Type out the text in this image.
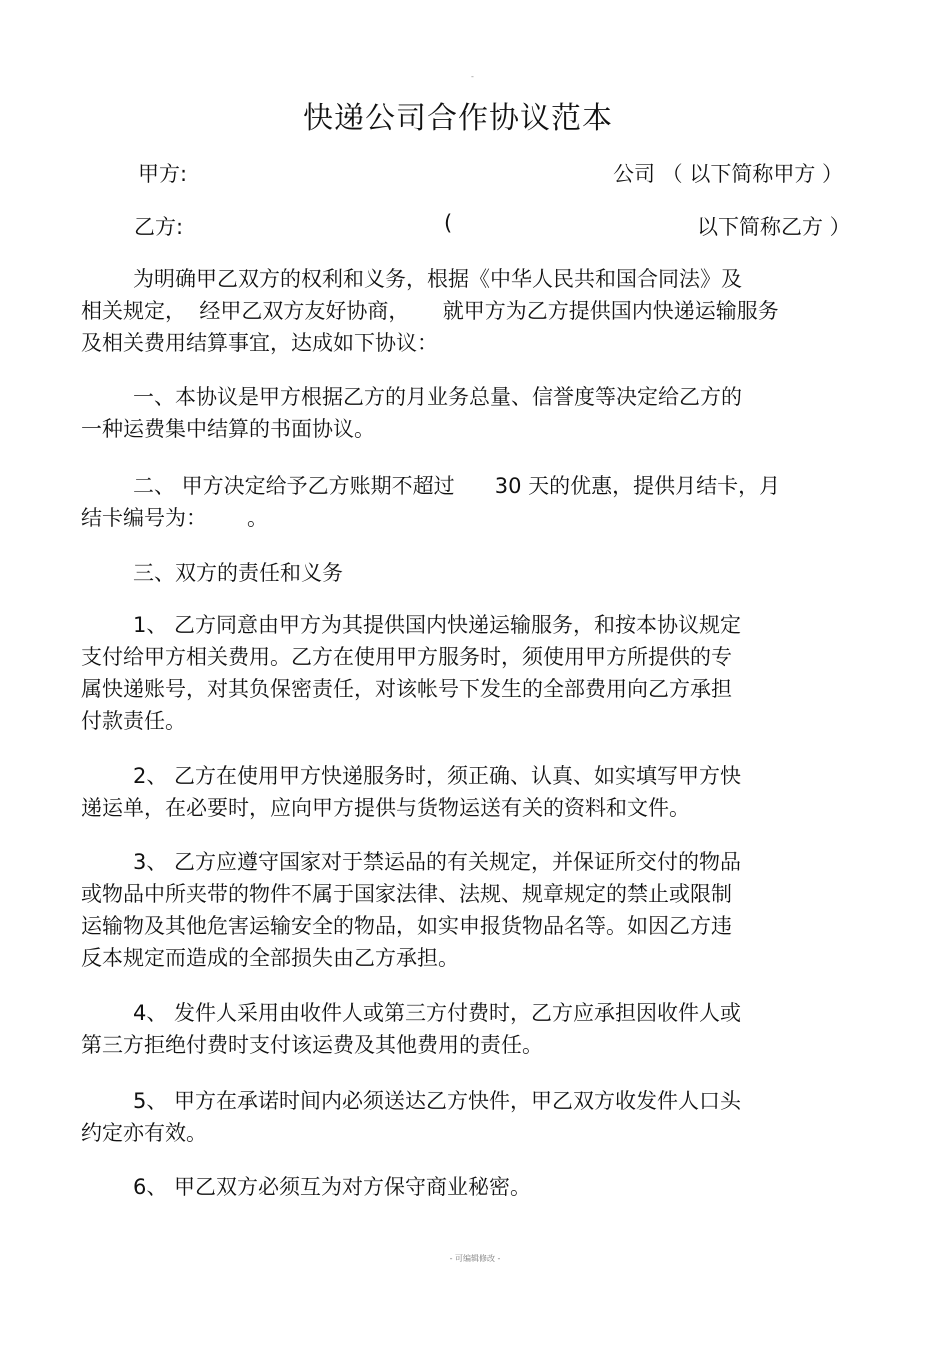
-
快递公司合作协议范本
甲方:	公司 （ 以下简称甲方 ）
乙方:	(	以下简称乙方 ）
为明确甲乙双方的权利和义务，根据《中华人民共和国合同法》及
相关规定，  经甲乙双方友好协商，     就甲方为乙方提供国内快递运输服务
及相关费用结算事宜，达成如下协议：
一、本协议是甲方根据乙方的月业务总量、信誉度等决定给乙方的
一种运费集中结算的书面协议。
二、 甲方决定给予乙方账期不超过      30 天的优惠，提供月结卡，月
结卡编号为：      。
三、双方的责任和义务
1、 乙方同意由甲方为其提供国内快递运输服务，和按本协议规定
支付给甲方相关费用。乙方在使用甲方服务时，须使用甲方所提供的专
属快递账号，对其负保密责任，对该帐号下发生的全部费用向乙方承担
付款责任。
2、 乙方在使用甲方快递服务时，须正确、认真、如实填写甲方快
递运单，在必要时，应向甲方提供与货物运送有关的资料和文件。
3、 乙方应遵守国家对于禁运品的有关规定，并保证所交付的物品
或物品中所夹带的物件不属于国家法律、法规、规章规定的禁止或限制
运输物及其他危害运输安全的物品，如实申报货物品名等。如因乙方违
反本规定而造成的全部损失由乙方承担。
4、 发件人采用由收件人或第三方付费时，乙方应承担因收件人或
第三方拒绝付费时支付该运费及其他费用的责任。
5、 甲方在承诺时间内必须送达乙方快件，甲乙双方收发件人口头
约定亦有效。
6、 甲乙双方必须互为对方保守商业秘密。
- 可编辑修改 -
